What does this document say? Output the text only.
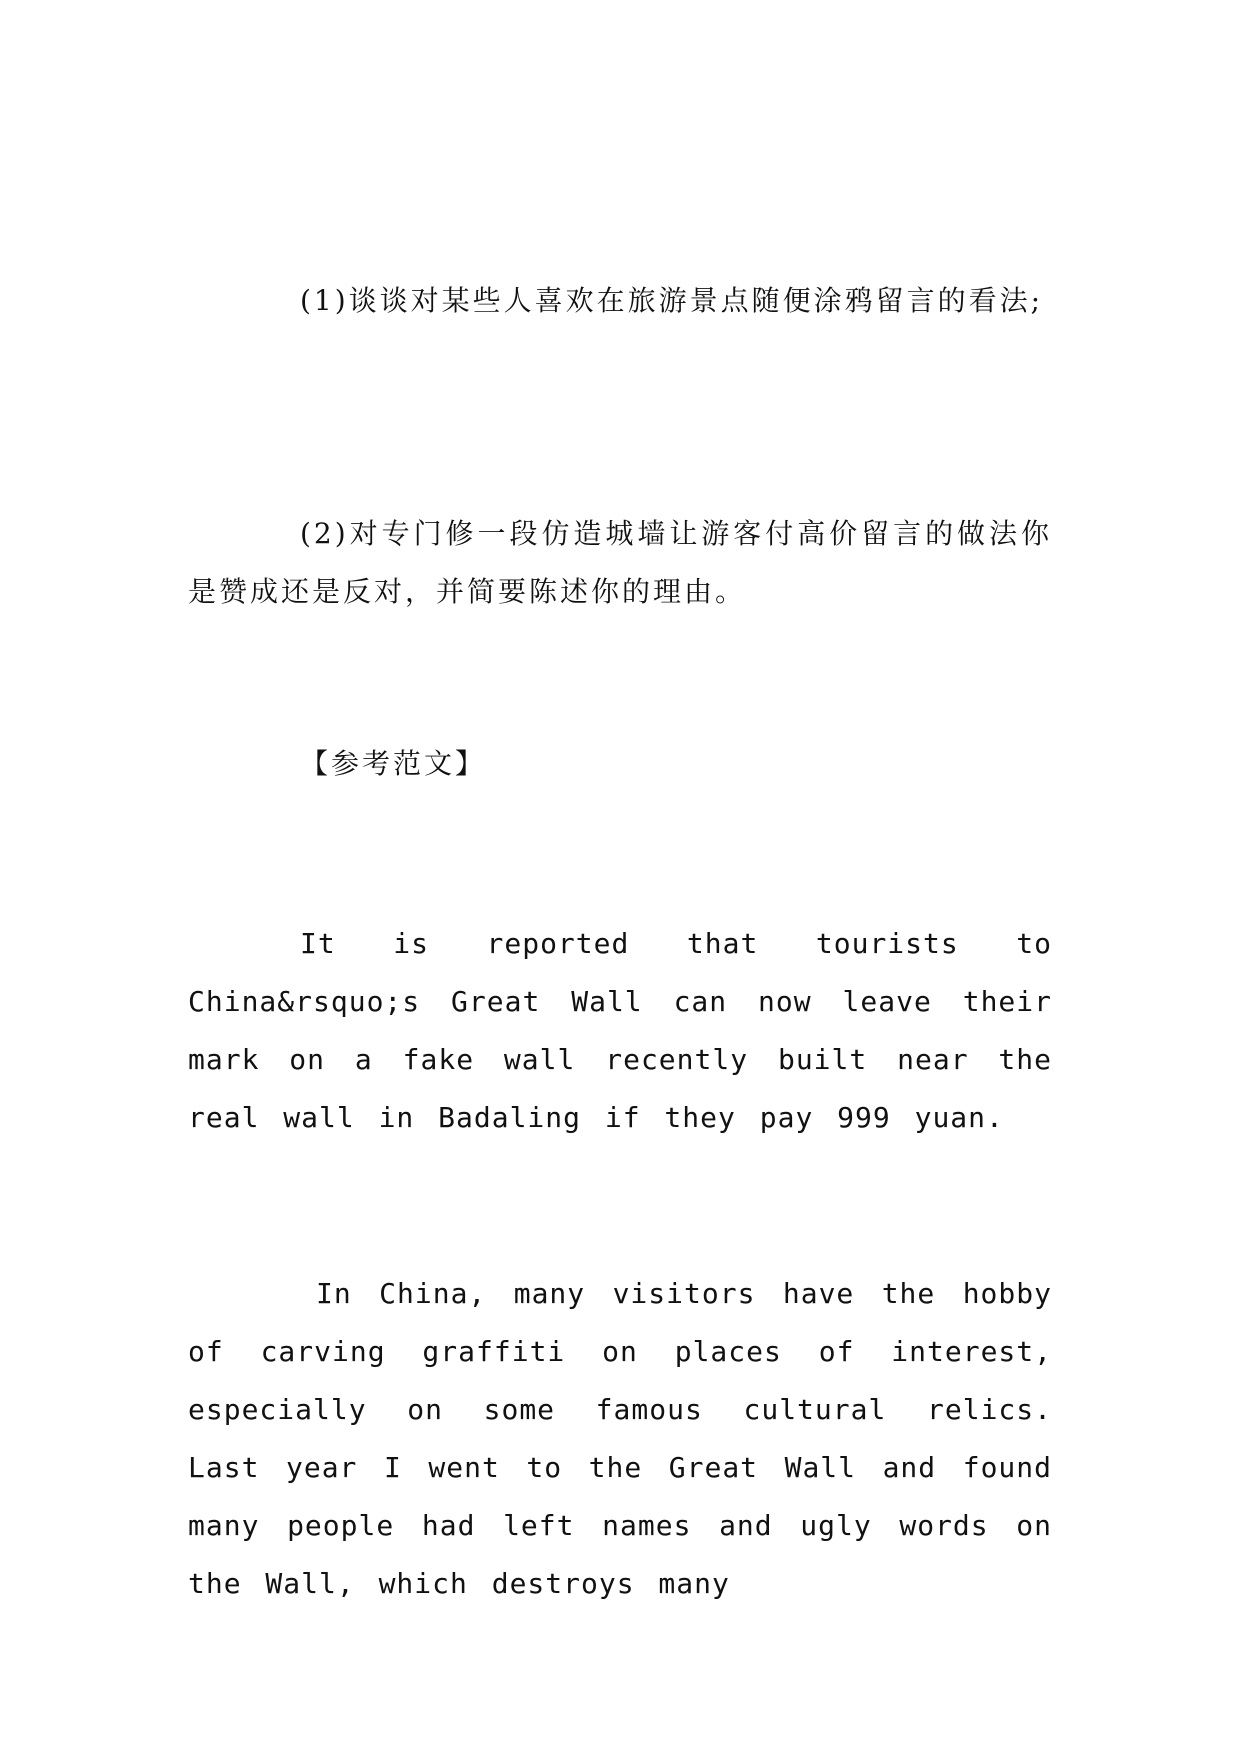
(1)谈谈对某些人喜欢在旅游景点随便涂鸦留言的看法;

(2)对专门修一段仿造城墙让游客付高价留言的做法你是赞成还是反对，并简要陈述你的理由。

【参考范文】

It is reported that tourists to China&rsquo;s Great Wall can now leave their mark on a fake wall recently built near the real wall in Badaling if they pay 999 yuan.

In China, many visitors have the hobby of carving graffiti on places of interest, especially on some famous cultural relics. Last year I went to the Great Wall and found many people had left names and ugly words on the Wall, which destroys many
